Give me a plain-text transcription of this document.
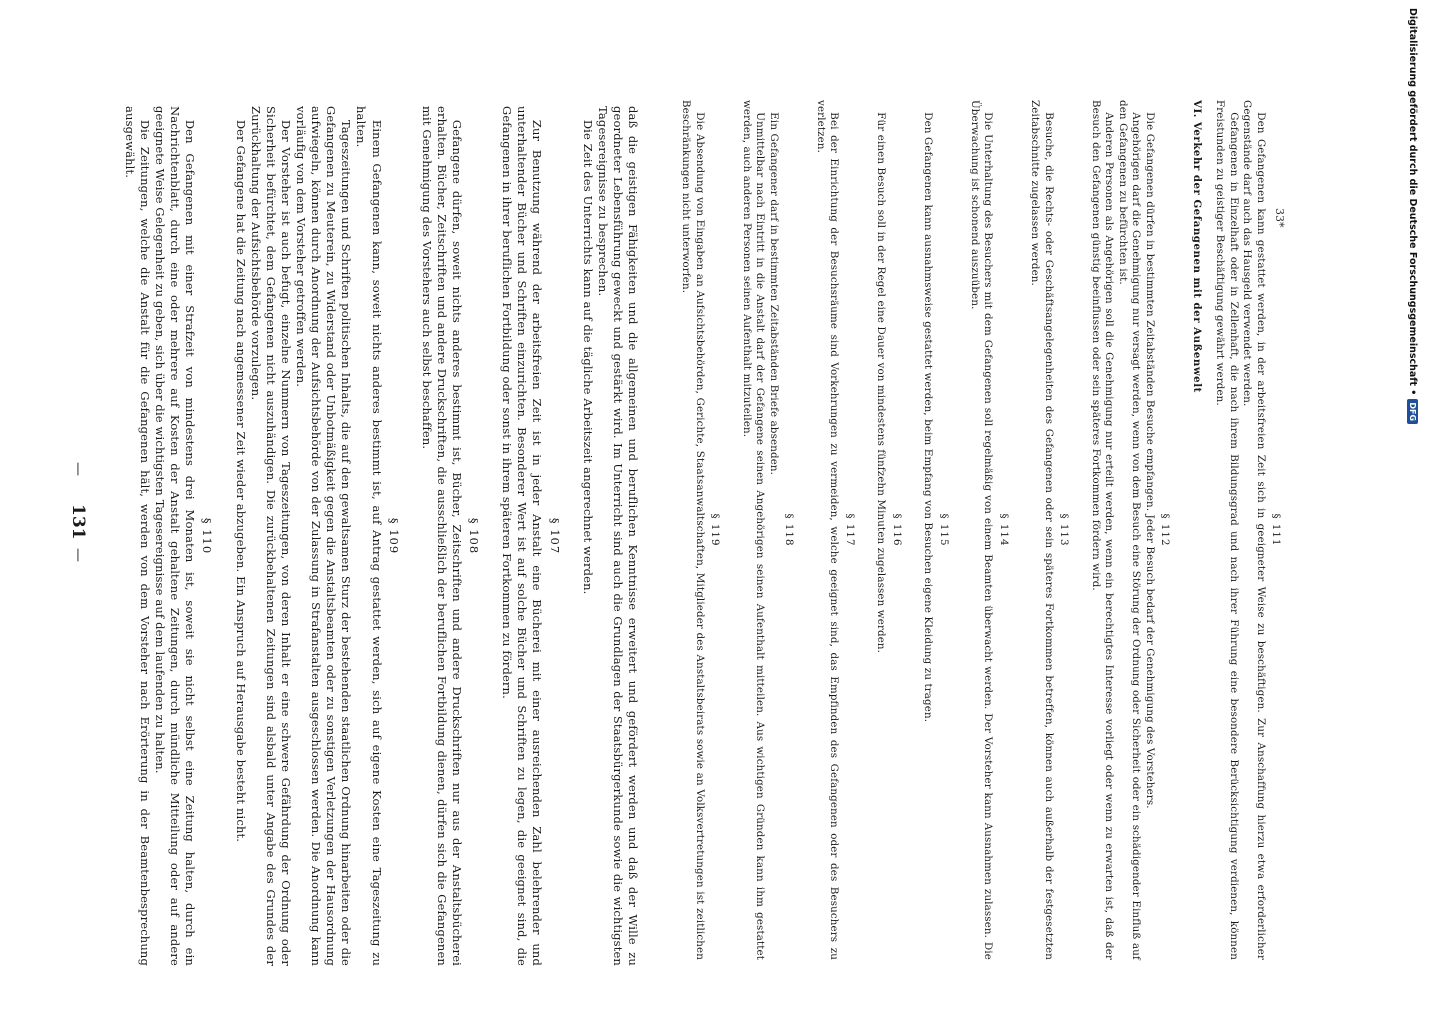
—
131
—	daß die geistigen Fähigkeiten und die allgemeinen und beruflichen Kenntnisse erweitert und gefördert werden und daß der Wille zu geordneter Lebensführung geweckt und gestärkt wird. Im Unterricht sind auch die Grundlagen der Staatsbürgerkunde sowie die wichtigsten Tagesereignisse zu besprechen.

Die Zeit des Unterrichts kann auf die tägliche Arbeitszeit angerechnet werden.

§ 107

Zur Benutzung während der arbeitsfreien Zeit ist in jeder Anstalt eine Bücherei mit einer ausreichenden Zahl belehrender und unterhaltender Bücher und Schriften einzurichten. Besonderer Wert ist auf solche Bücher und Schriften zu legen, die geeignet sind, die Gefangenen in ihrer beruflichen Fortbildung oder sonst in ihrem späteren Fortkommen zu fördern.

§ 108

Gefangene dürfen, soweit nichts anderes bestimmt ist, Bücher, Zeitschriften und andere Druckschriften nur aus der Anstaltsbücherei erhalten. Bücher, Zeitschriften und andere Druckschriften, die ausschließlich der beruflichen Fortbildung dienen, dürfen sich die Gefangenen mit Genehmigung des Vorstehers auch selbst beschaffen.

§ 109

Einem Gefangenen kann, soweit nichts anderes bestimmt ist, auf Antrag gestattet werden, sich auf eigene Kosten eine Tageszeitung zu halten.

Tageszeitungen und Schriften politischen Inhalts, die auf den gewaltsamen Sturz der bestehenden staatlichen Ordnung hinarbeiten oder die Gefangenen zu Meuterein, zu Widerstand oder Unbotmäßigkeit gegen die Anstaltsbeamten oder zu sonstigen Verletzungen der Hausordnung aufwiegeln, können durch Anordnung der Aufsichtsbehörde von der Zulassung in Strafanstalten ausgeschlossen werden. Die Anordnung kann vorläufig von dem Vorsteher getroffen werden.

Der Vorsteher ist auch befugt, einzelne Nummern von Tageszeitungen, von deren Inhalt er eine schwere Gefährdung der Ordnung oder Sicherheit befürchtet, dem Gefangenen nicht auszuhändigen. Die zurückbehaltenen Zeitungen sind alsbald unter Angabe des Grundes der Zurückhaltung der Aufsichtsbehörde vorzulegen.

Der Gefangene hat die Zeitung nach angemessener Zeit wieder abzugeben. Ein Anspruch auf Herausgabe besteht nicht.

§ 110

Den Gefangenen mit einer Strafzeit von mindestens drei Monaten ist, soweit sie nicht selbst eine Zeitung halten, durch ein Nachrichtenblatt, durch eine oder mehrere auf Kosten der Anstalt gehaltene Zeitungen, durch mündliche Mitteilung oder auf andere geeignete Weise Gelegenheit zu geben, sich über die wichtigsten Tagesereignisse auf dem laufenden zu halten.

Die Zeitungen, welche die Anstalt für die Gefangenen hält, werden von dem Vorsteher nach Erörterung in der Beamtenbesprechung ausgewählt.

§ 111

Den Gefangenen kann gestattet werden, in der arbeitsfreien Zeit sich in geeigneter Weise zu beschäftigen. Zur Anschaffung hierzu etwa erforderlicher Gegenstände darf auch das Hausgeld verwendet werden.

Gefangenen in Einzelhaft oder in Zellenhaft, die nach ihrem Bildungsgrad und nach ihrer Führung eine besondere Berücksichtigung verdienen, können Freistunden zu geistiger Beschäftigung gewährt werden.

VI. Verkehr der Gefangenen mit der Außenwelt
§ 112

Die Gefangenen dürfen in bestimmten Zeitabständen Besuche empfangen. Jeder Besuch bedarf der Genehmigung des Vorstehers.

Angehörigen darf die Genehmigung nur versagt werden, wenn von dem Besuch eine Störung der Ordnung oder Sicherheit oder ein schädigender Einfluß auf den Gefangenen zu befürchten ist.

Anderen Personen als Angehörigen soll die Genehmigung nur erteilt werden, wenn ein berechtigtes Interesse vorliegt oder wenn zu erwarten ist, daß der Besuch den Gefangenen günstig beeinflussen oder sein späteres Fortkommen fördern wird.

§ 113

Besuche, die Rechts- oder Geschäftsangelegenheiten des Gefangenen oder sein späteres Fortkommen betreffen, können auch außerhalb der festgesetzten Zeitabschnitte zugelassen werden.

§ 114

Die Unterhaltung des Besuchers mit dem Gefangenen soll regelmäßig von einem Beamten überwacht werden. Der Vorsteher kann Ausnahmen zulassen. Die Überwachung ist schonend auszuüben.

§ 115

Den Gefangenen kann ausnahmsweise gestattet werden, beim Empfang von Besuchen eigene Kleidung zu tragen.

§ 116

Für einen Besuch soll in der Regel eine Dauer von mindestens fünfzehn Minuten zugelassen werden.

§ 117

Bei der Einrichtung der Besuchsräume sind Vorkehrungen zu vermeiden, welche geeignet sind, das Empfinden des Gefangenen oder des Besuchers zu verletzen.

§ 118

Ein Gefangener darf in bestimmten Zeitabständen Briefe absenden.

Unmittelbar nach Eintritt in die Anstalt darf der Gefangene seinen Angehörigen seinen Aufenthalt mitteilen. Aus wichtigen Gründen kann ihm gestattet werden, auch anderen Personen seinen Aufenthalt mitzuteilen.

§ 119

Die Absendung von Eingaben an Aufsichtsbehörden, Gerichte, Staatsanwaltschaften, Mitglieder des Anstaltsbeirats sowie an Volksvertretungen ist zeitlichen Beschränkungen nicht unterworfen.	33*	Digitalisierung gefördert durch die Deutsche Forschungsgemeinschaft •
DFG
